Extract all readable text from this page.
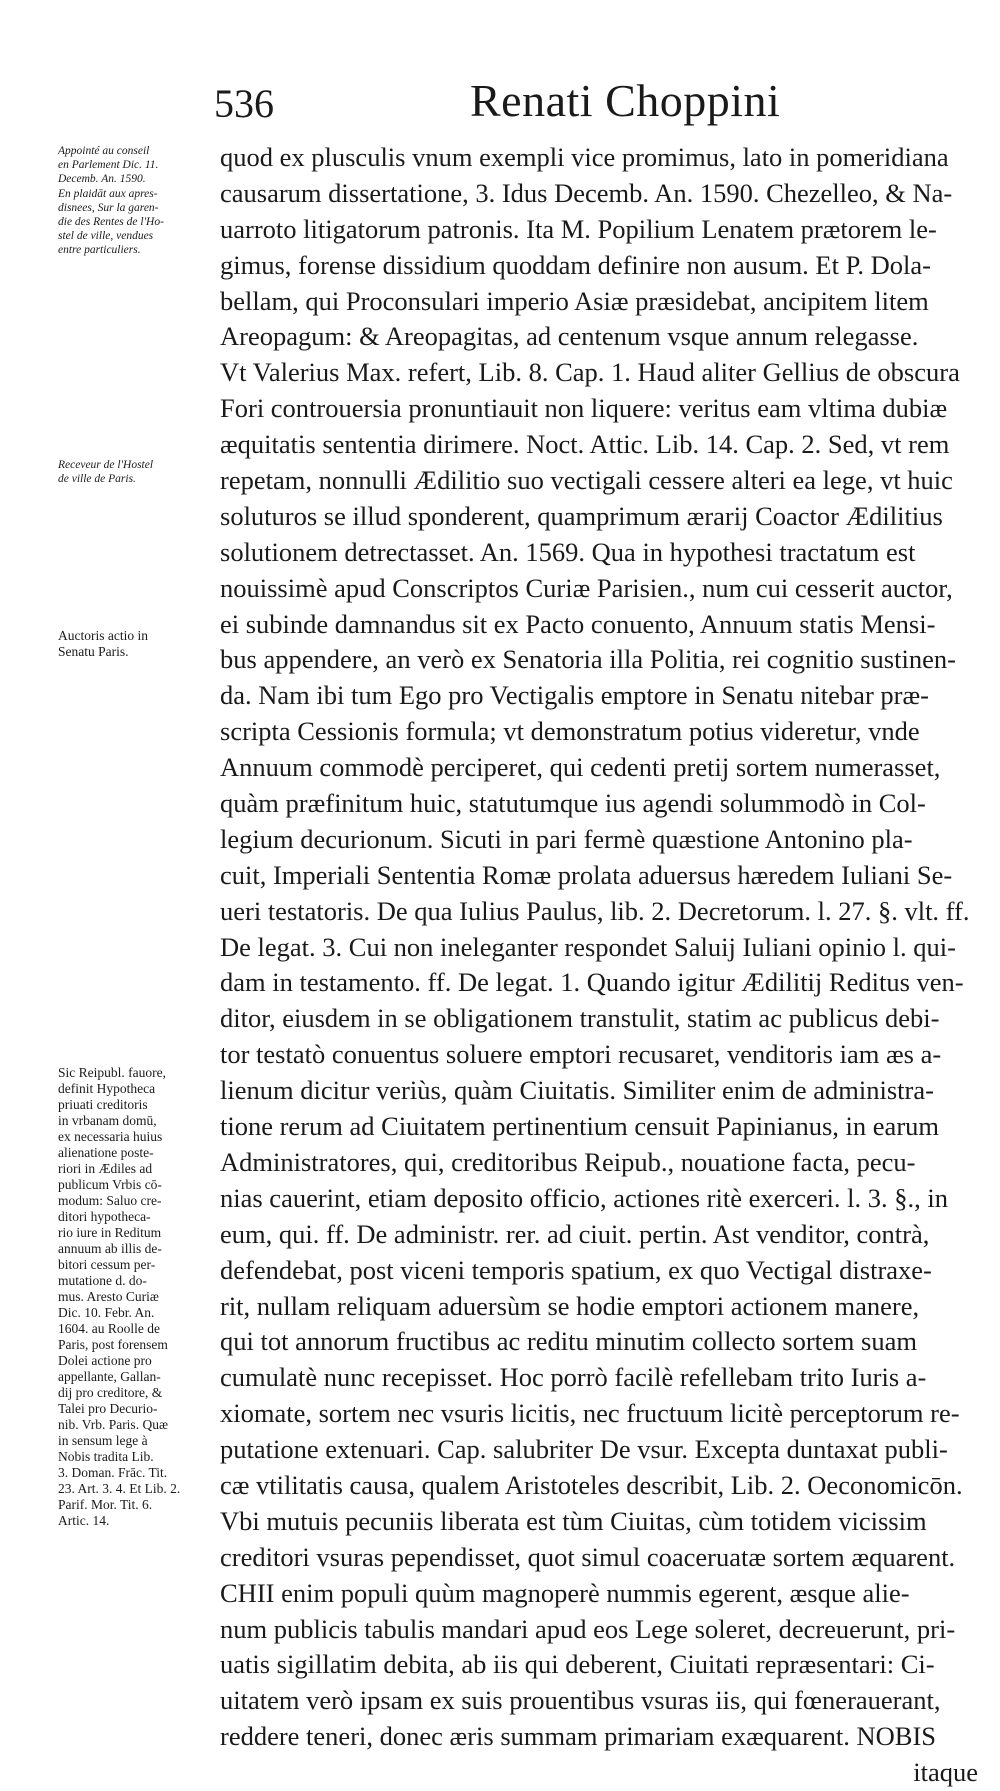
536	Renati Choppini
Appointé au conseil
en Parlement Dic. 11.
Decemb. An. 1590.
En plaidāt aux apres-
disnees, Sur la garen-
die des Rentes de l'Ho-
stel de ville, vendues
entre particuliers.
Receveur de l'Hostel
de ville de Paris.
Auctoris actio in
Senatu Paris.
Sic Reipubl. fauore,
definit Hypotheca
priuati creditoris
in vrbanam domū,
ex necessaria huius
alienatione poste-
riori in Ædiles ad
publicum Vrbis cō-
modum: Saluo cre-
ditori hypotheca-
rio iure in Reditum
annuum ab illis de-
bitori cessum per-
mutatione d. do-
mus. Aresto Curiæ
Dic. 10. Febr. An.
1604. au Roolle de
Paris, post forensem
Dolei actione pro
appellante, Gallan-
dij pro creditore, &
Talei pro Decurio-
nib. Vrb. Paris. Quæ
in sensum lege à
Nobis tradita Lib.
3. Doman. Frāc. Tit.
23. Art. 3. 4. Et Lib. 2.
Parif. Mor. Tit. 6.
Artic. 14.
quod ex plusculis vnum exempli vice promimus, lato in pomeridiana
causarum dissertatione, 3. Idus Decemb. An. 1590. Chezelleo, & Na-
uarroto litigatorum patronis. Ita M. Popilium Lenatem prætorem le-
gimus, forense dissidium quoddam definire non ausum. Et P. Dola-
bellam, qui Proconsulari imperio Asiæ præsidebat, ancipitem litem
Areopagum: & Areopagitas, ad centenum vsque annum relegasse.
Vt Valerius Max. refert, Lib. 8. Cap. 1. Haud aliter Gellius de obscura
Fori controuersia pronuntiauit non liquere: veritus eam vltima dubiæ
æquitatis sententia dirimere. Noct. Attic. Lib. 14. Cap. 2. Sed, vt rem
repetam, nonnulli Ædilitio suo vectigali cessere alteri ea lege, vt huic
soluturos se illud sponderent, quamprimum ærarij Coactor Ædilitius
solutionem detrectasset. An. 1569. Qua in hypothesi tractatum est
nouissimè apud Conscriptos Curiæ Parisien., num cui cesserit auctor,
ei subinde damnandus sit ex Pacto conuento, Annuum statis Mensi-
bus appendere, an verò ex Senatoria illa Politia, rei cognitio sustinen-
da. Nam ibi tum Ego pro Vectigalis emptore in Senatu nitebar præ-
scripta Cessionis formula; vt demonstratum potius videretur, vnde
Annuum commodè perciperet, qui cedenti pretij sortem numerasset,
quàm præfinitum huic, statutumque ius agendi solummodò in Col-
legium decurionum. Sicuti in pari fermè quæstione Antonino pla-
cuit, Imperiali Sententia Romæ prolata aduersus hæredem Iuliani Se-
ueri testatoris. De qua Iulius Paulus, lib. 2. Decretorum. l. 27. §. vlt. ff.
De legat. 3. Cui non ineleganter respondet Saluij Iuliani opinio l. qui-
dam in testamento. ff. De legat. 1. Quando igitur Ædilitij Reditus ven-
ditor, eiusdem in se obligationem transtulit, statim ac publicus debi-
tor testatò conuentus soluere emptori recusaret, venditoris iam æs a-
lienum dicitur veriùs, quàm Ciuitatis. Similiter enim de administra-
tione rerum ad Ciuitatem pertinentium censuit Papinianus, in earum
Administratores, qui, creditoribus Reipub., nouatione facta, pecu-
nias cauerint, etiam deposito officio, actiones ritè exerceri. l. 3. §., in
eum, qui. ff. De administr. rer. ad ciuit. pertin. Ast venditor, contrà,
defendebat, post viceni temporis spatium, ex quo Vectigal distraxe-
rit, nullam reliquam aduersùm se hodie emptori actionem manere,
qui tot annorum fructibus ac reditu minutim collecto sortem suam
cumulatè nunc recepisset. Hoc porrò facilè refellebam trito Iuris a-
xiomate, sortem nec vsuris licitis, nec fructuum licitè perceptorum re-
putatione extenuari. Cap. salubriter De vsur. Excepta duntaxat publi-
cæ vtilitatis causa, qualem Aristoteles describit, Lib. 2. Oeconomicōn.
Vbi mutuis pecuniis liberata est tùm Ciuitas, cùm totidem vicissim
creditori vsuras pependisset, quot simul coaceruatæ sortem æquarent.
CHII enim populi quùm magnoperè nummis egerent, æsque alie-
num publicis tabulis mandari apud eos Lege soleret, decreuerunt, pri-
uatis sigillatim debita, ab iis qui deberent, Ciuitati repræsentari: Ci-
uitatem verò ipsam ex suis prouentibus vsuras iis, qui fœnerauerant,
reddere teneri, donec æris summam primariam exæquarent. NOBIS
itaque
